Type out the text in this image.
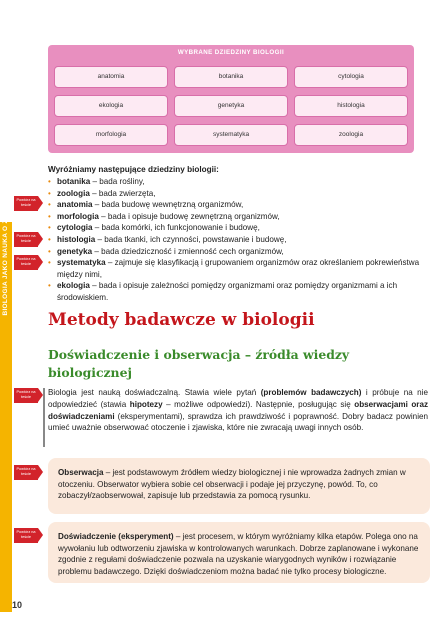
BIOLOGIA JAKO NAUKA O ŻYCIU
10
WYBRANE DZIEDZINY BIOLOGII
anatomia	botanika	cytologia
ekologia	genetyka	histologia
morfologia	systematyka	zoologia
Wyróżniamy następujące dziedziny biologii:
• botanika – bada rośliny,
• zoologia – bada zwierzęta,
• anatomia – bada budowę wewnętrzną organizmów,
• morfologia – bada i opisuje budowę zewnętrzną organizmów,
• cytologia – bada komórki, ich funkcjonowanie i budowę,
• histologia – bada tkanki, ich czynności, powstawanie i budowę,
• genetyka – bada dziedziczność i zmienność cech organizmów,
• systematyka – zajmuje się klasyfikacją i grupowaniem organizmów oraz określaniem pokrewieństwa między nimi,
• ekologia – bada i opisuje zależności pomiędzy organizmami oraz pomiędzy organizmami a ich środowiskiem.
Powtórz na teście
Powtórz na teście
Powtórz na teście
Powtórz na teście
Powtórz na teście
Powtórz na teście
Metody badawcze w biologii
Doświadczenie i obserwacja – źródła wiedzy biologicznej
Biologia jest nauką doświadczalną. Stawia wiele pytań (problemów badawczych) i próbuje na nie odpowiedzieć (stawia hipotezy – możliwe odpowiedzi). Następnie, posługując się obserwacjami oraz doświadczeniami (eksperymentami), sprawdza ich prawdziwość i poprawność. Dobry badacz powinien umieć uważnie obserwować otoczenie i zjawiska, które nie zwracają uwagi innych osób.
Obserwacja – jest podstawowym źródłem wiedzy biologicznej i nie wprowadza żadnych zmian w otoczeniu. Obserwator wybiera sobie cel obserwacji i podaje jej przyczynę, powód. To, co zobaczył/zaobserwował, zapisuje lub przedstawia za pomocą rysunku.
Doświadczenie (eksperyment) – jest procesem, w którym wyróżniamy kilka etapów. Polega ono na wywołaniu lub odtworzeniu zjawiska w kontrolowanych warunkach. Dobrze zaplanowane i wykonane zgodnie z regułami doświadczenie pozwala na uzyskanie wiarygodnych wyników i rozwiązanie problemu badawczego. Dzięki doświadczeniom można badać nie tylko procesy biologiczne.
